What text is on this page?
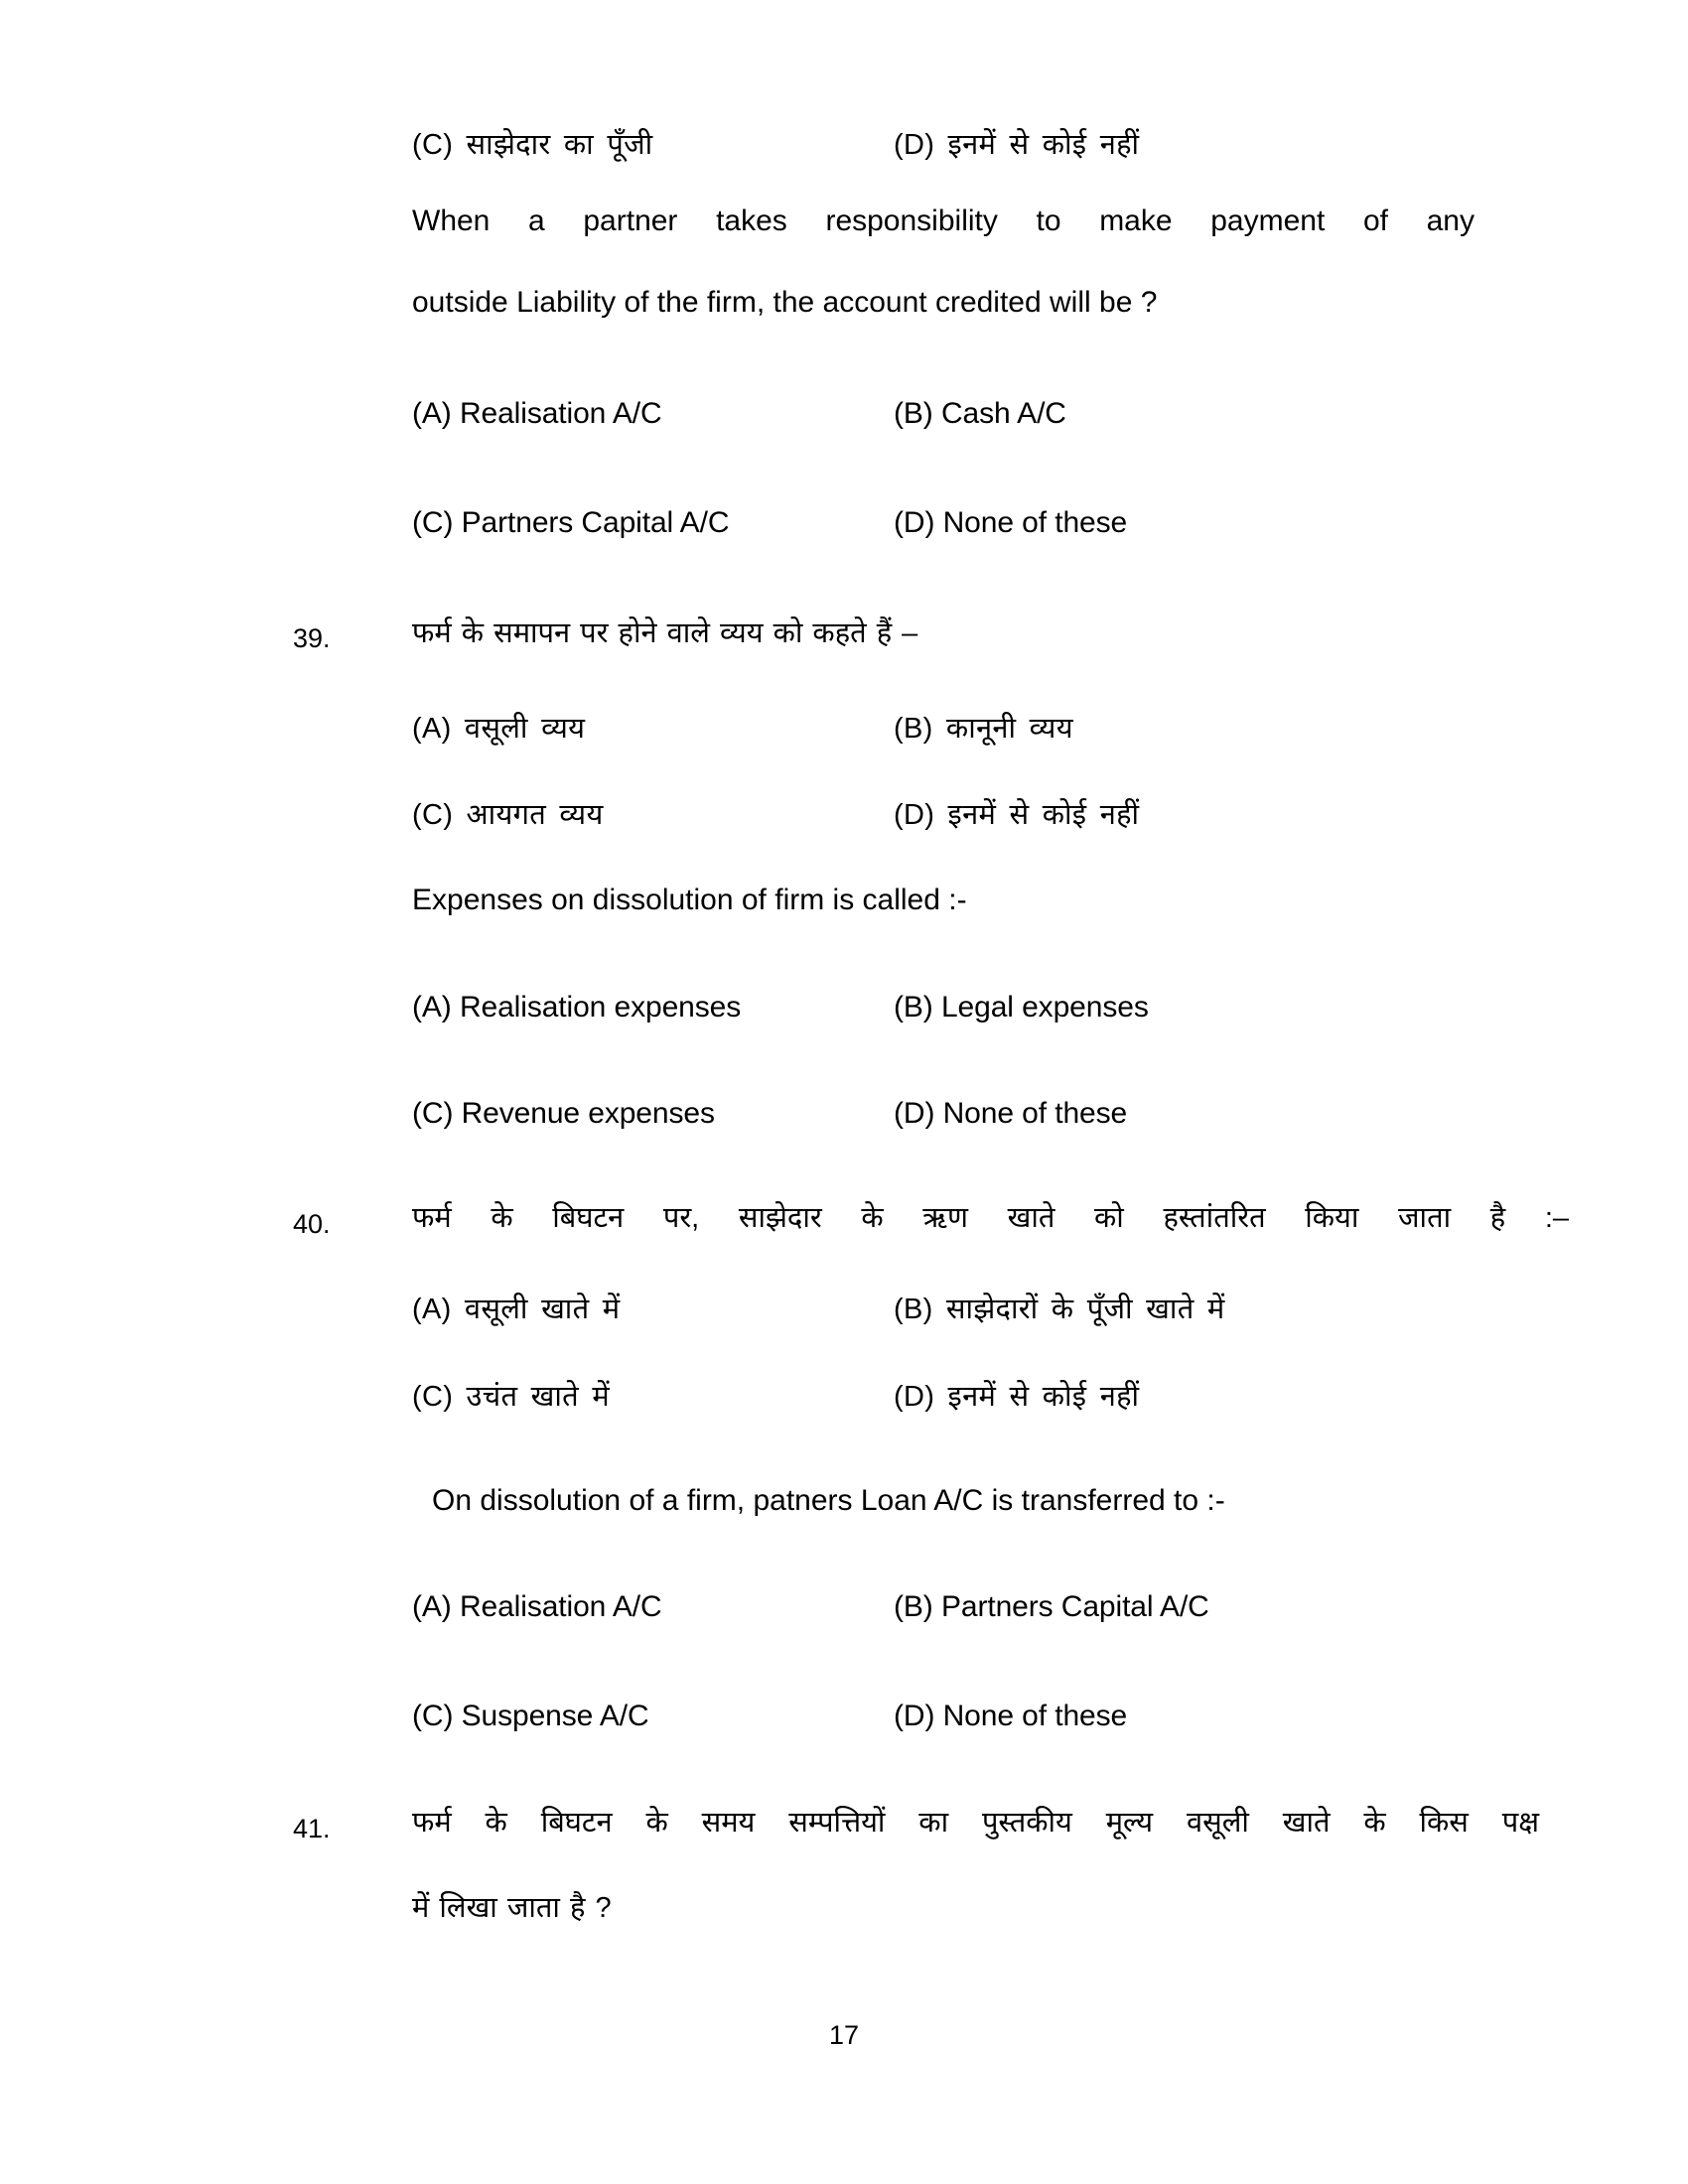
(C) साझेदार का पूँजी	(D) इनमें से कोई नहीं
When a partner takes responsibility to make payment of any
outside Liability of the firm, the account credited will be ?
(A) Realisation A/C	(B) Cash A/C
(C) Partners Capital A/C	(D) None of these
39.	फर्म के समापन पर होने वाले व्यय को कहते हैं –
(A) वसूली व्यय	(B) कानूनी व्यय
(C) आयगत व्यय	(D) इनमें से कोई नहीं
Expenses on dissolution of firm is called :-
(A) Realisation expenses	(B) Legal expenses
(C) Revenue expenses	(D) None of these
40.	फर्म के बिघटन पर, साझेदार के ऋण खाते को हस्तांतरित किया जाता है :–
(A) वसूली खाते में	(B) साझेदारों के पूँजी खाते में
(C) उचंत खाते में	(D) इनमें से कोई नहीं
On dissolution of a firm, patners Loan A/C is transferred to :-
(A) Realisation A/C	(B) Partners Capital A/C
(C) Suspense A/C	(D) None of these
41.	फर्म के बिघटन के समय सम्पत्तियों का पुस्तकीय मूल्य वसूली खाते के किस पक्ष
में लिखा जाता है ?
17
